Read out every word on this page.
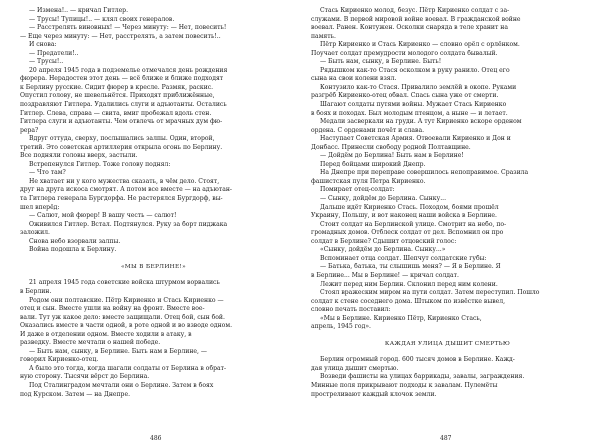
— Измена!.. — кричал Гитлер.
— Трусы! Тупицы!.. — клял своих генералов.
— Расстрелять виновных! — Через минуту: — Нет, повесить!
— Еще через минуту: — Нет, расстрелять, а затем повесить!..
И снова:
— Предатели!..
— Трусы!..
20 апреля 1945 года в подземелье отмечался день рождения
фюрера. Нерадостен этот день — всё ближе и ближе подходят
к Берлину русские. Сидит фюрер в кресле. Размяк, раскис.
Опустил голову, не шевельнётся. Приходят приближённые,
поздравляют Гитлера. Удалились слуги и адъютанты. Остались
Гитлер. Слева, справа — свита, вмиг пробежал вдоль стен.
Гитлера слуги и адъютанты. Чем отвлечь от мрачных дум фю-
рера?
Вдруг оттуда, сверху, послышались залпы. Один, второй,
третий. Это советская артиллерия открыла огонь по Берлину.
Все подняли головы вверх, застыли.
Встрепенулся Гитлер. Тоже голову поднял:
— Что там?
Не хватает ни у кого мужества сказать, в чём дело. Стоят,
друг на друга искоса смотрят. А потом все вместе — на адъютан-
та Гитлера генерала Бургдорфа. Не растерялся Бургдорф, вы-
шел вперёд:
— Салют, мой фюрер! В вашу честь — салют!
Оживился Гитлер. Встал. Подтянулся. Руку за борт пиджака
заложил.
Снова небо взорвали залпы.
Война подошла к Берлину.
«МЫ В БЕРЛИНЕ!»
21 апреля 1945 года советские войска штурмом ворвались
в Берлин.
Родом они полтавские. Пётр Кириенко и Стась Кириенко —
отец и сын. Вместе ушли на войну на фронт. Вместе вое-
вали. Тут уж какое дело: вместе защищали. Отец бой, сын бой.
Оказались вместе в части одной, в роте одной и во взводе одном.
И даже в отделении одном. Вместе ходили в атаку, в
разведку. Вместе мечтали о нашей победе.
— Быть нам, сынку, в Берлине. Быть нам в Берлине, —
говорил Кириенко-отец.
А было это тогда, когда шагали солдаты от Берлина в обрат-
ную сторону. Тысячи вёрст до Берлина.
Под Сталинградом мечтали они о Берлине. Затем в боях
под Курском. Затем — на Днепре.
486
Стась Кириенко молод, безус. Пётр Кириенко солдат с за-
служами. В первой мировой войне воевал. В гражданской войне
воевал. Ранен. Контужен. Осколки снаряда в теле хранит на
память.
Пётр Кириенко и Стась Кириенко — словно орёл с орлёнком.
Поучает солдат премудрости молодого солдата бывалый.
— Быть нам, сынку, в Берлине. Быть!
Рядышком как-то Стася осколком в руку ранило. Отец его
сына на свои колени взял.
Контузило как-то Стася. Привалило землёй в окопе. Руками
разгрёб Кириенко-отец обвал. Спась сына уже от смерти.
Шагают солдаты путями войны. Мужает Стась Кириенко
в боях и походах. Был молодым птенцом, а ныне — и летает.
Медали засверкали на груди. А тут Кириенко вскоре орденом
ордена. С орденами почёт и слава.
Наступает Советская Армия. Отвоевали Кириенко и Дон и
Донбасс. Принесли свободу родной Полтавщине.
— Дойдём до Берлина! Быть нам в Берлине!
Перед бойцами широкий Днепр.
На Днепре при переправе совершилось непоправимое. Сразила
фашистская пуля Петра Кириенко.
Помирает отец-солдат:
— Сынку, дойдём до Берлина. Сынку...
Дальше идёт Кириенко Стась. Походом, боями прошёл
Украину, Польшу, и вот наконец наши войска в Берлине.
Стоит солдат на Берлинской улице. Смотрит на небо, по-
громадных домов. Отблеск солдат от дел. Вспомнил он про
солдат в Берлине? Сдышит отцовский голос:
«Сынку, дойдём до Берлина. Сынку...»
Вспоминает отца солдат. Шепчут солдатские губы:
— Батька, батька, ты слышишь меня? — Я в Берлине. Я
в Берлине... Мы в Берлине! — кричал солдат.
Лежит перед ним Берлин. Склонил перед ним колени.
Стоял вражеским миром на пути солдат. Затем переступил. Пошло
солдат к стене соседнего дома. Штыком по извёстке вывел,
словно печать поставил:
«Мы в Берлине. Кириенко Пётр, Кириенко Стась,
апрель, 1945 год».
КАЖДАЯ УЛИЦА ДЫШИТ СМЕРТЬЮ
Берлин огромный город. 600 тысяч домов в Берлине. Кажд-
дая улица дышит смертью.
Возведи фашисты на улицах баррикады, завалы, заграждения.
Минные поля прикрывают подходы к завалам. Пулемёты
простреливают каждый клочок земли.
487
